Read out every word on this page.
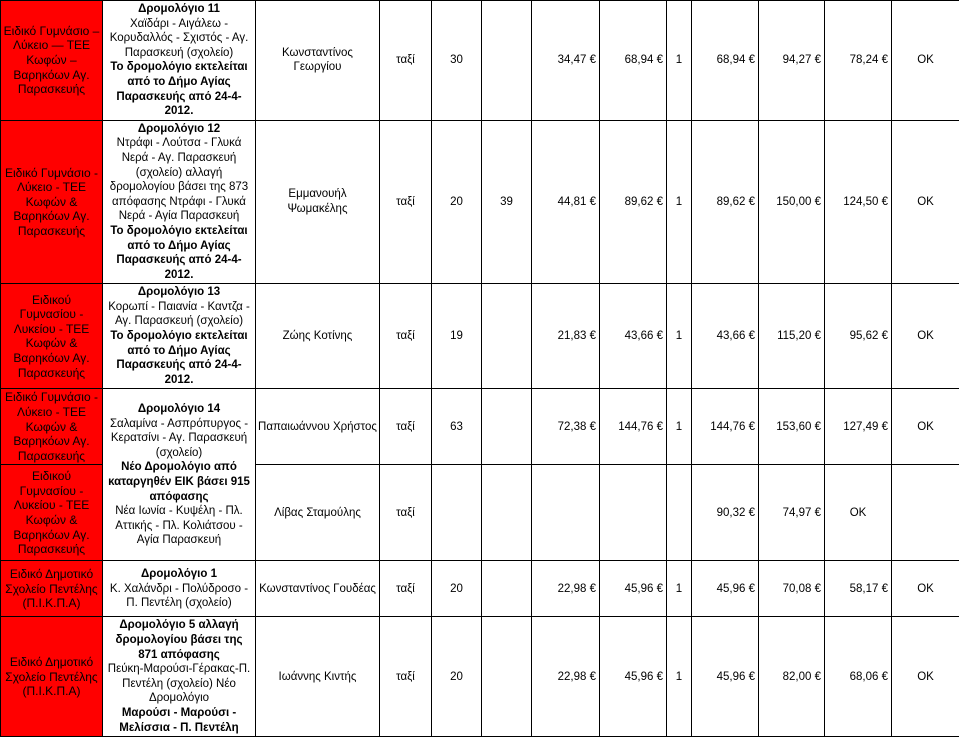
Ειδικό Γυμνάσιο – Λύκειο — ΤΕΕ Κωφών – Βαρηκόων Αγ. Παρασκευής	Δρομολόγιο 11
Χαϊδάρι - Αιγάλεω - Κορυδαλλός - Σχιστός - Αγ. Παρασκευή (σχολείο)
Το δρομολόγιο εκτελείται από το Δήμο Αγίας Παρασκευής από 24-4-2012.	Κωνσταντίνος Γεωργίου	ταξί	30		34,47 €	68,94 €	1	68,94 €	94,27 €	78,24 €	ΟΚ
Ειδικό Γυμνάσιο - Λύκειο - ΤΕΕ Κωφών & Βαρηκόων Αγ. Παρασκευής	Δρομολόγιο 12
Ντράφι - Λούτσα - Γλυκά Νερά - Αγ. Παρασκευή (σχολείο) αλλαγή δρομολογίου βάσει της 873 απόφασης Ντράφι - Γλυκά Νερά - Αγία Παρασκευή
Το δρομολόγιο εκτελείται από το Δήμο Αγίας Παρασκευής από 24-4-2012.	Εμμανουήλ Ψωμακέλης	ταξί	20	39	44,81 €	89,62 €	1	89,62 €	150,00 €	124,50 €	ΟΚ
Ειδικού Γυμνασίου - Λυκείου - ΤΕΕ Κωφών & Βαρηκόων Αγ. Παρασκευής	Δρομολόγιο 13
Κορωπί - Παιανία - Καντζα - Αγ. Παρασκευή (σχολείο)
Το δρομολόγιο εκτελείται από το Δήμο Αγίας Παρασκευής από 24-4-2012.	Ζώης Κοτίνης	ταξί	19		21,83 €	43,66 €	1	43,66 €	115,20 €	95,62 €	ΟΚ
Ειδικό Γυμνάσιο - Λύκειο - ΤΕΕ Κωφών & Βαρηκόων Αγ. Παρασκευής	Δρομολόγιο 14
Σαλαμίνα - Ασπρόπυργος - Κερατσίνι - Αγ. Παρασκευή (σχολείο)
Νέο Δρομολόγιο από καταργηθέν ΕΙΚ βάσει 915 απόφασης
Νέα Ιωνία - Κυψέλη - Πλ. Αττικής - Πλ. Κολιάτσου - Αγία Παρασκευή	Παπαιωάννου Χρήστος	ταξί	63		72,38 €	144,76 €	1	144,76 €	153,60 €	127,49 €	ΟΚ
Ειδικού Γυμνασίου - Λυκείου - ΤΕΕ Κωφών & Βαρηκόων Αγ. Παρασκευής		Λίβας Σταμούλης	ταξί						90,32 €	74,97 €	ΟΚ	
Ειδικό Δημοτικό Σχολείο Πεντέλης (Π.Ι.Κ.Π.Α)	Δρομολόγιο 1
Κ. Χαλάνδρι - Πολύδροσο - Π. Πεντέλη (σχολείο)	Κωνσταντίνος Γουδέας	ταξί	20		22,98 €	45,96 €	1	45,96 €	70,08 €	58,17 €	ΟΚ
Ειδικό Δημοτικό Σχολείο Πεντέλης (Π.Ι.Κ.Π.Α)	Δρομολόγιο 5 αλλαγή δρομολογίου βάσει της 871 απόφασης
Πεύκη-Μαρούσι-Γέρακας-Π. Πεντέλη (σχολείο) Νέο Δρομολόγιο
Μαρούσι - Μαρούσι - Μελίσσια - Π. Πεντέλη	Ιωάννης Κιντής	ταξί	20		22,98 €	45,96 €	1	45,96 €	82,00 €	68,06 €	ΟΚ
